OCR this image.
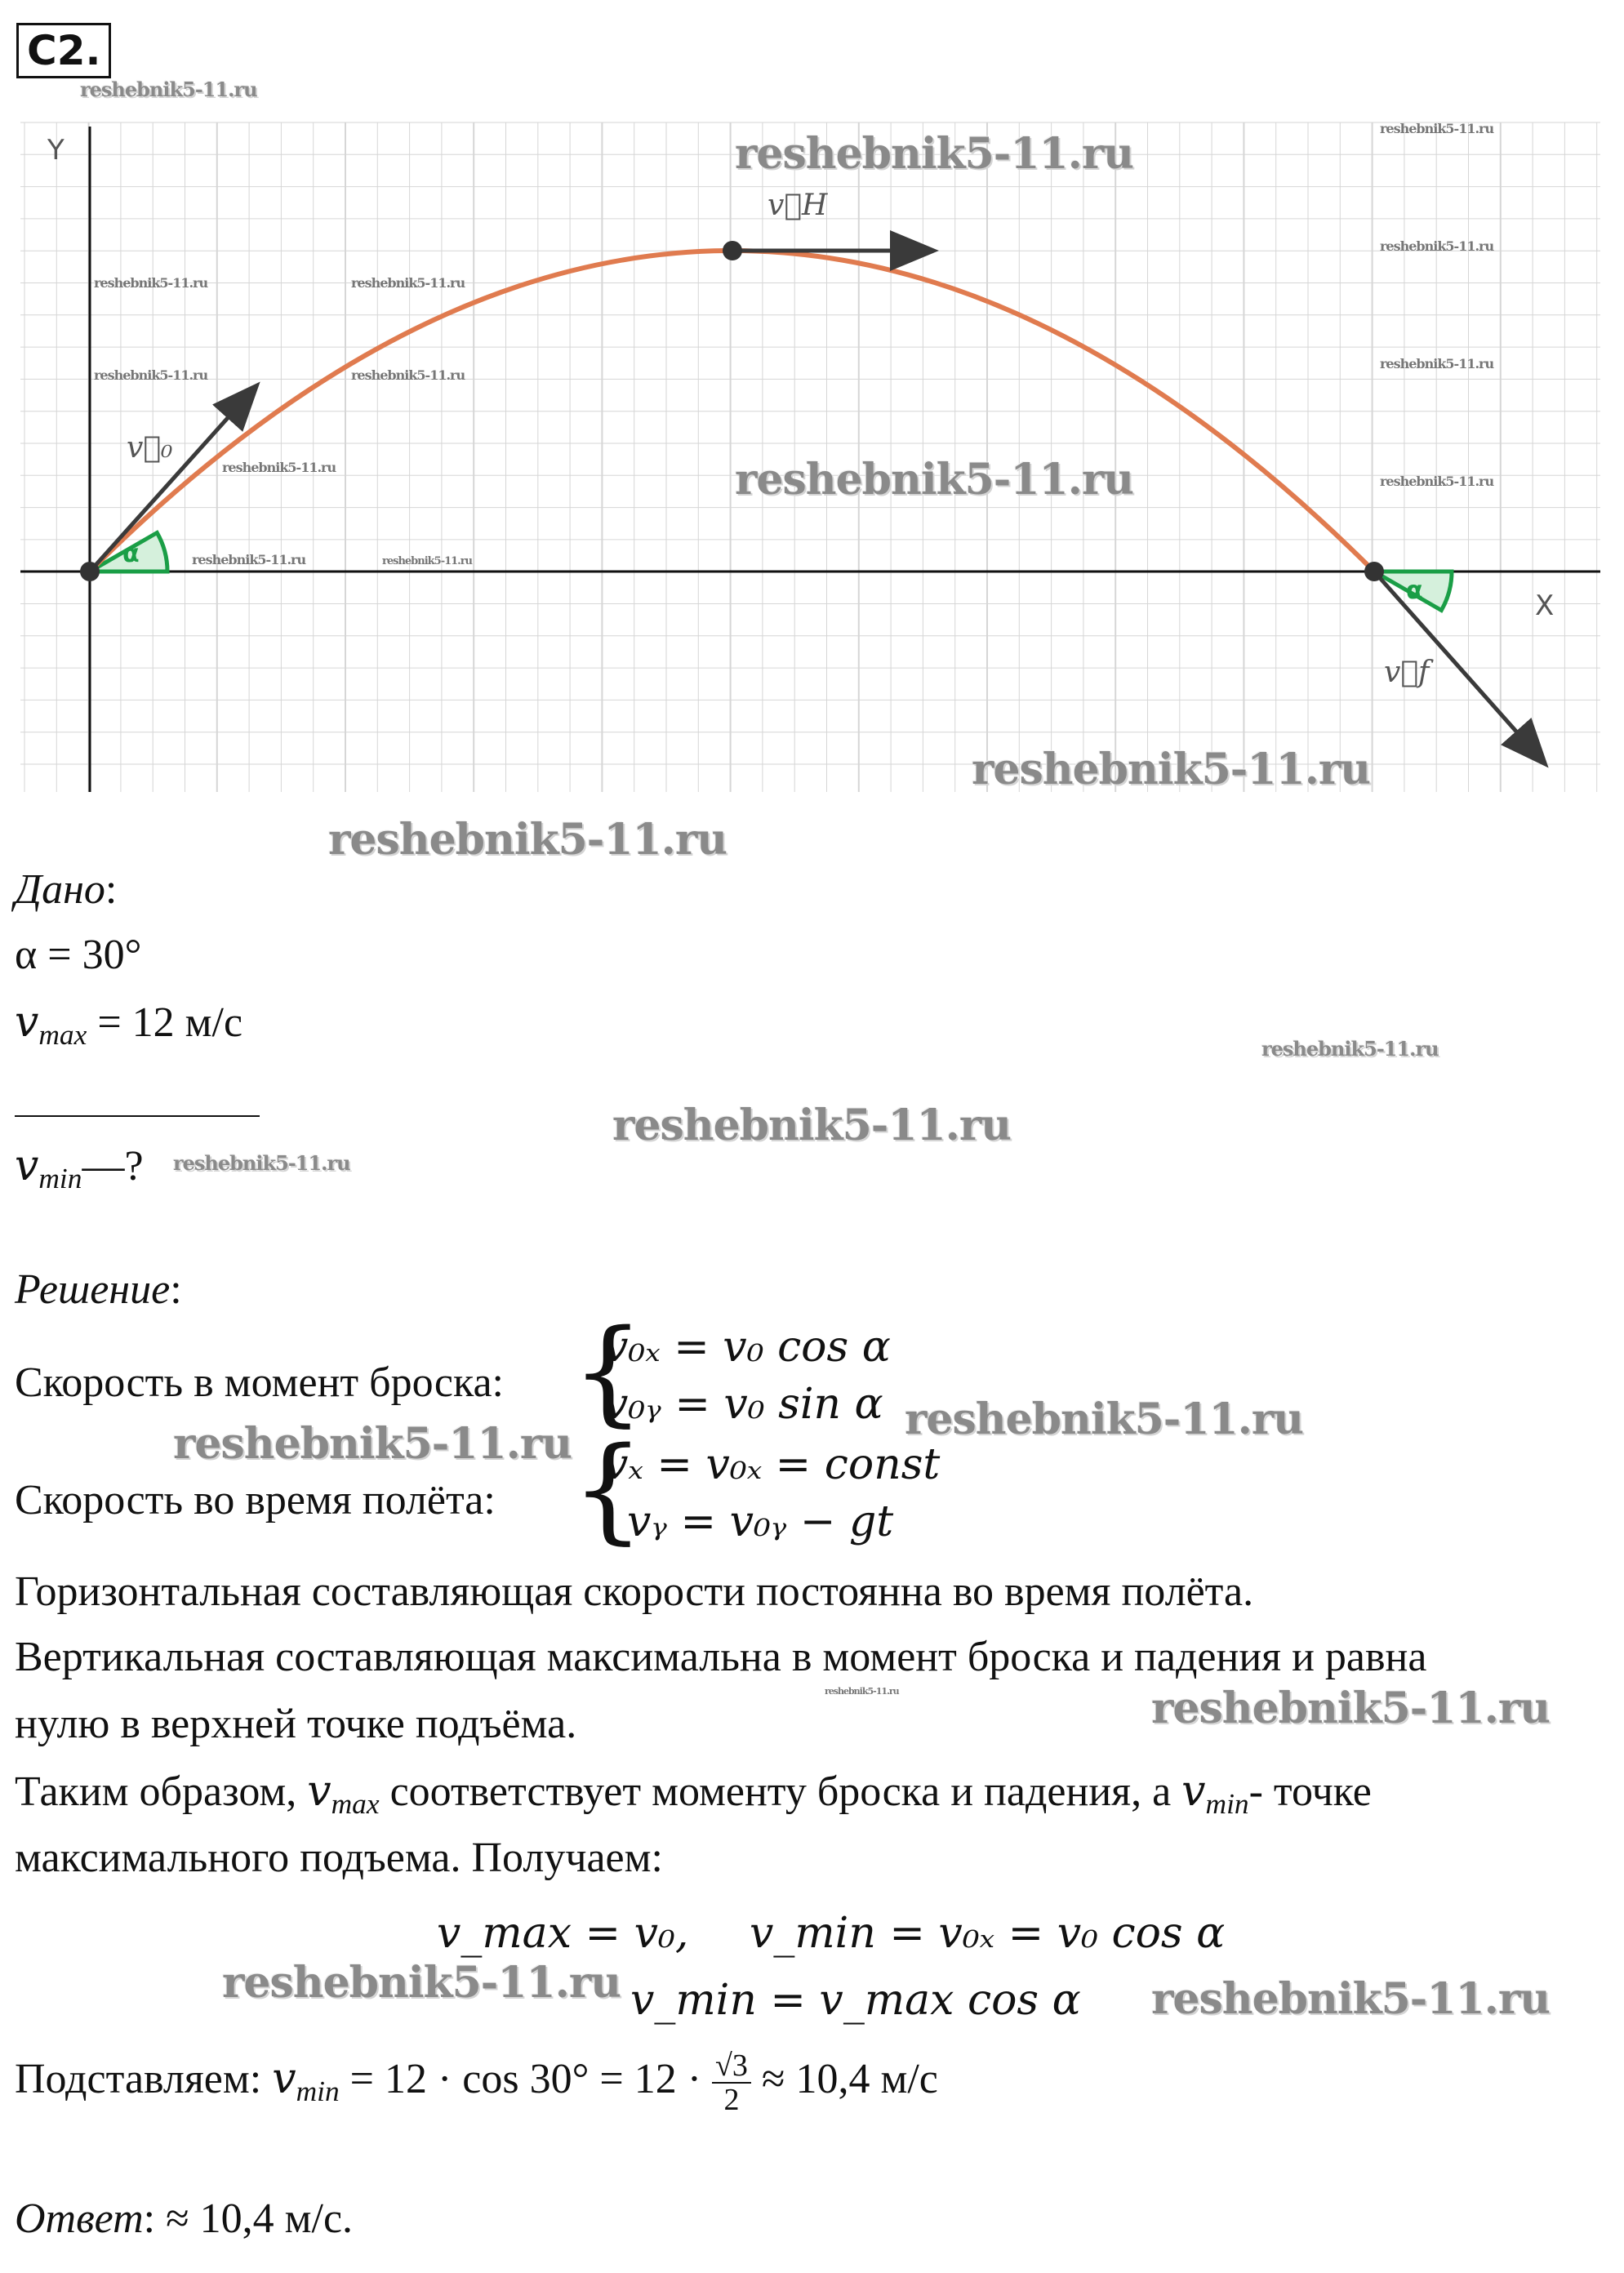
C2.
X
Y
α
α
v⃗₀
v⃗H
v⃗f
reshebnik5-11.ru
reshebnik5-11.ru
reshebnik5-11.ru
reshebnik5-11.ru
reshebnik5-11.ru
reshebnik5-11.ru
reshebnik5-11.ru	reshebnik5-11.ru
reshebnik5-11.ru	reshebnik5-11.ru
reshebnik5-11.ru
reshebnik5-11.ru	reshebnik5-11.ru
reshebnik5-11.ru
reshebnik5-11.ru
reshebnik5-11.ru
Дано:
α = 30°
$v_{max} = 12$ м/с
$v_{min}—$? reshebnik5-11.ru
reshebnik5-11.ru
reshebnik5-11.ru
Решение:
Скорость в момент броска: {
v₀ₓ = v₀ cos α
v₀ᵧ = v₀ sin α reshebnik5-11.ru
reshebnik5-11.ru
Скорость во время полёта: {
vₓ = v₀ₓ = const
vᵧ = v₀ᵧ − gt
Горизонтальная составляющая скорости постоянна во время полёта.
Вертикальная составляющая максимальна в момент броска и падения и равна
reshebnik5-11.ru
нулю в верхней точке подъёма.	reshebnik5-11.ru
Таким образом, $v_{max}$ соответствует моменту броска и падения, а $v_{min}-$ точке
максимального подъема. Получаем:
v_max = v₀, v_min = v₀ₓ = v₀ cos α
reshebnik5-11.ru v_min = v_max cos α reshebnik5-11.ru
Подставляем: $v_{min} = 12 \cdot \cos 30^\circ = 12 \cdot \frac{√3}{2} \approx 10,4$ м/с
Ответ: ≈ 10,4 м/с.
